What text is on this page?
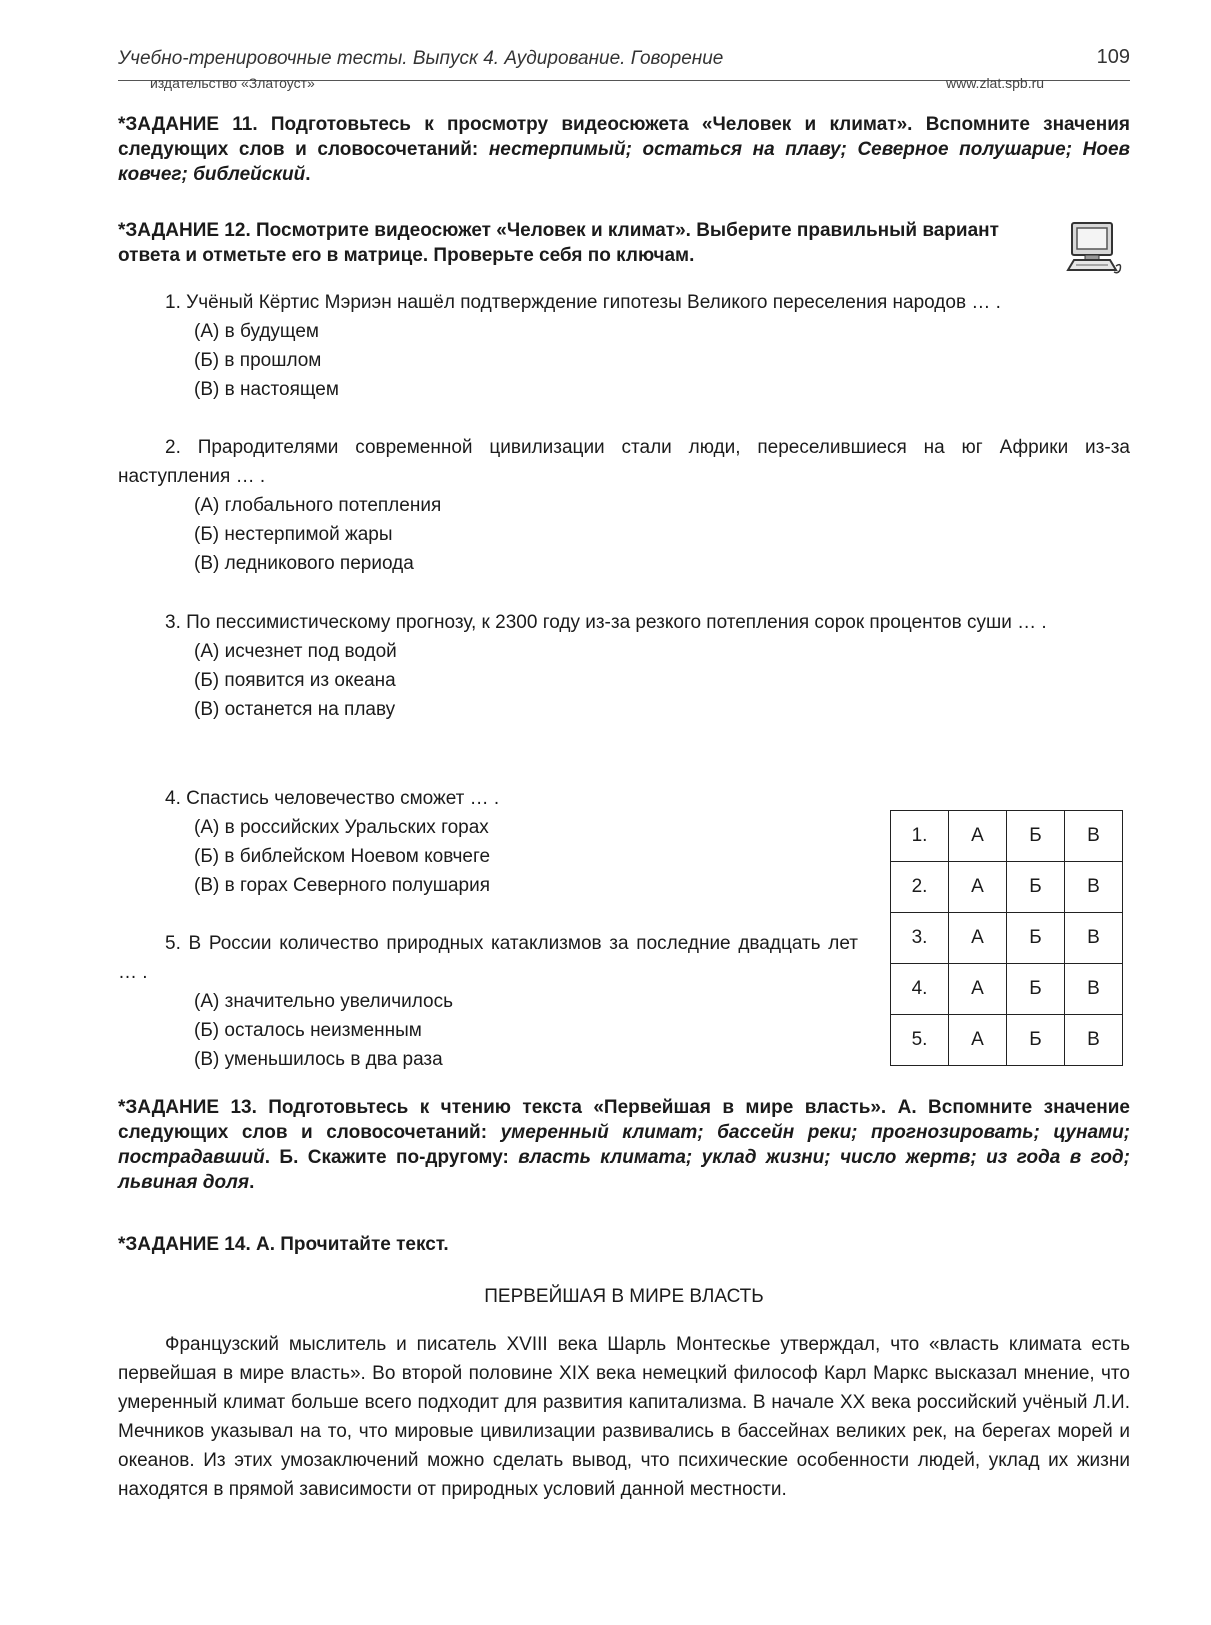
Учебно-тренировочные тесты. Выпуск 4. Аудирование. Говорение	109
издательство «Златоуст»	www.zlat.spb.ru
*ЗАДАНИЕ 11. Подготовьтесь к просмотру видеосюжета «Человек и климат». Вспомните значения следующих слов и словосочетаний: нестерпимый; остаться на плаву; Северное полушарие; Ноев ковчег; библейский.
*ЗАДАНИЕ 12. Посмотрите видеосюжет «Человек и климат». Выберите правильный вариант ответа и отметьте его в матрице. Проверьте себя по ключам.
1. Учёный Кёртис Мэриэн нашёл подтверждение гипотезы Великого переселения народов … .
(А) в будущем
(Б) в прошлом
(В) в настоящем
2. Прародителями современной цивилизации стали люди, переселившиеся на юг Африки из-за наступления … .
(А) глобального потепления
(Б) нестерпимой жары
(В) ледникового периода
3. По пессимистическому прогнозу, к 2300 году из-за резкого потепления сорок процентов суши … .
(А) исчезнет под водой
(Б) появится из океана
(В) останется на плаву
4. Спастись человечество сможет … .
(А) в российских Уральских горах
(Б) в библейском Ноевом ковчеге
(В) в горах Северного полушария
5. В России количество природных катаклизмов за последние двадцать лет … .
(А) значительно увеличилось
(Б) осталось неизменным
(В) уменьшилось в два раза
1.	А	Б	В
2.	А	Б	В
3.	А	Б	В
4.	А	Б	В
5.	А	Б	В
*ЗАДАНИЕ 13. Подготовьтесь к чтению текста «Первейшая в мире власть». А. Вспомните значение следующих слов и словосочетаний: умеренный климат; бассейн реки; прогнозировать; цунами; пострадавший. Б. Скажите по-другому: власть климата; уклад жизни; число жертв; из года в год; львиная доля.
*ЗАДАНИЕ 14. А. Прочитайте текст.
ПЕРВЕЙШАЯ В МИРЕ ВЛАСТЬ
Французский мыслитель и писатель XVIII века Шарль Монтескье утверждал, что «власть климата есть первейшая в мире власть». Во второй половине XIX века немецкий философ Карл Маркс высказал мнение, что умеренный климат больше всего подходит для развития капитализма. В начале XX века российский учёный Л.И. Мечников указывал на то, что мировые цивилизации развивались в бассейнах великих рек, на берегах морей и океанов. Из этих умозаключений можно сделать вывод, что психические особенности людей, уклад их жизни находятся в прямой зависимости от природных условий данной местности.
